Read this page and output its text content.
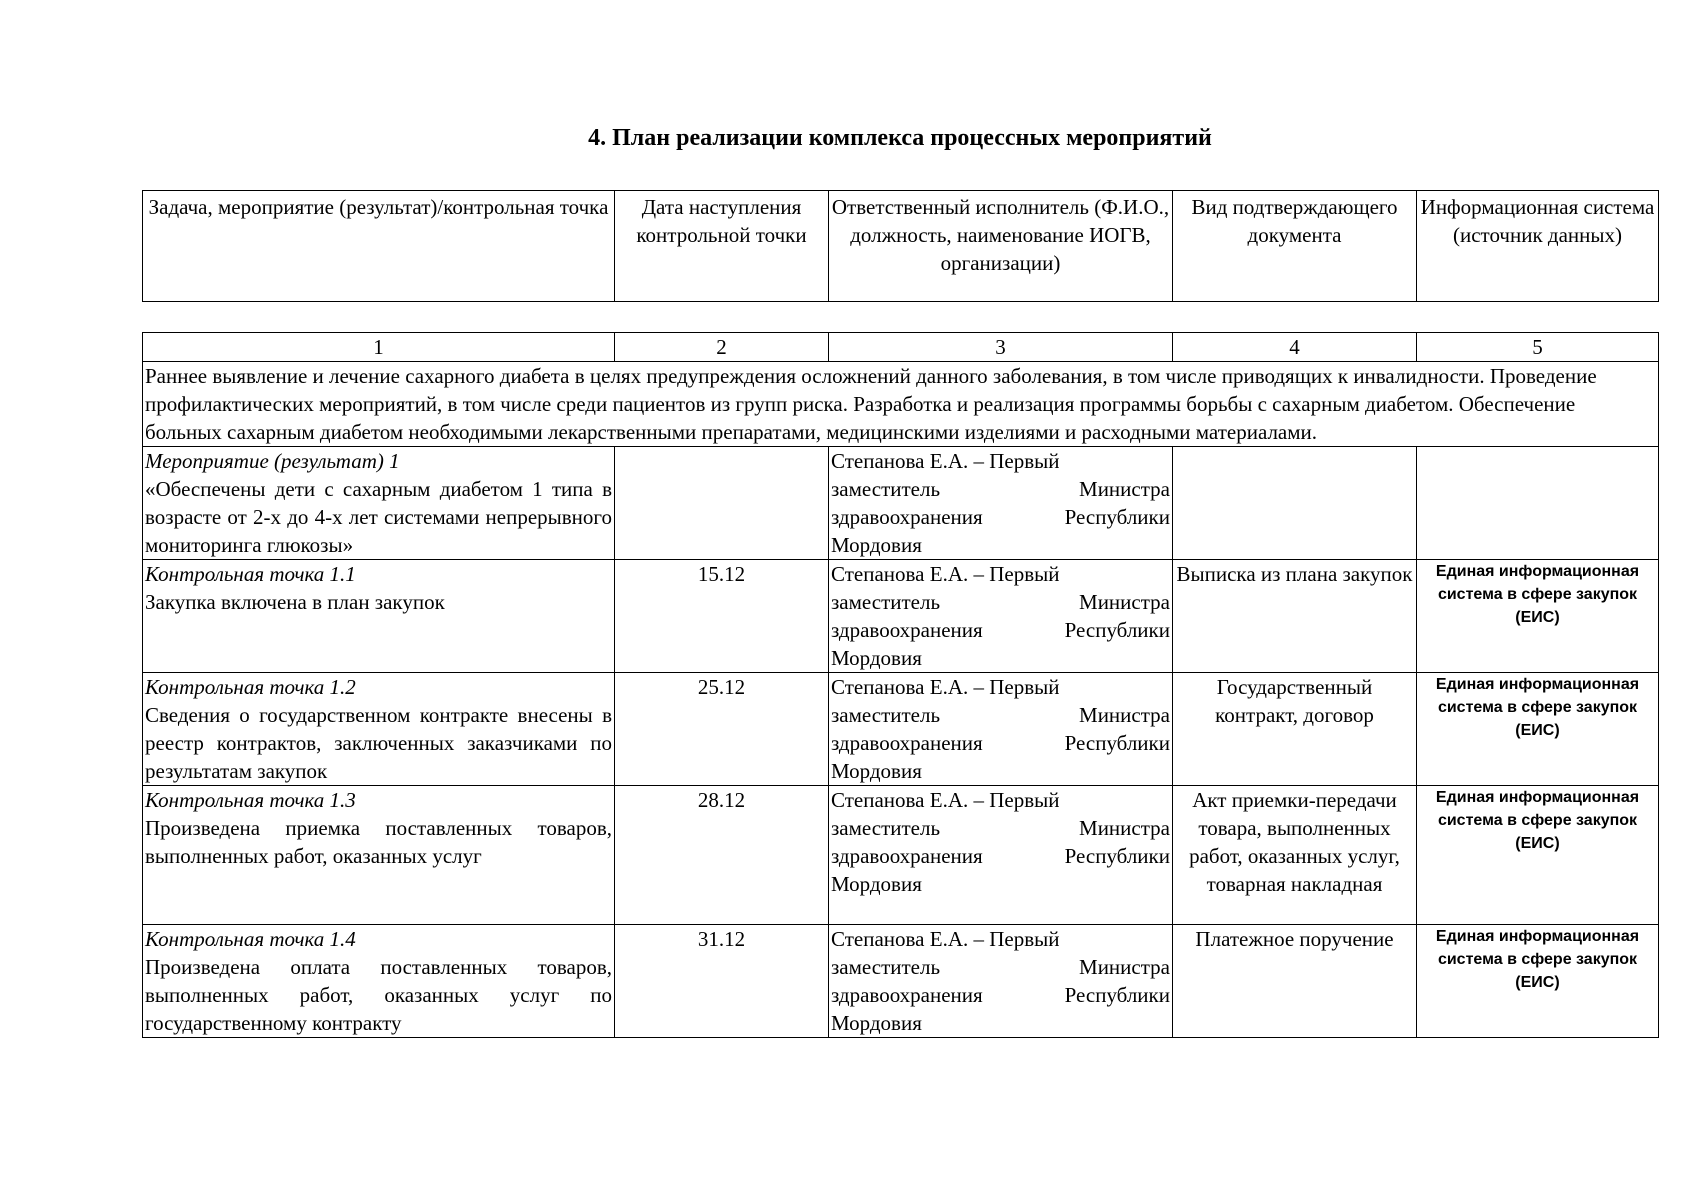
4. План реализации комплекса процессных мероприятий
Задача, мероприятие (результат)/контрольная точка	Дата наступления контрольной точки	Ответственный исполнитель (Ф.И.О., должность, наименование ИОГВ, организации)	Вид подтверждающего документа	Информационная система (источник данных)
1	2	3	4	5
Раннее выявление и лечение сахарного диабета в целях предупреждения осложнений данного заболевания, в том числе приводящих к инвалидности. Проведение профилактических мероприятий, в том числе среди пациентов из групп риска. Разработка и реализация программы борьбы с сахарным диабетом. Обеспечение больных сахарным диабетом необходимыми лекарственными препаратами, медицинскими изделиями и расходными материалами.				
Мероприятие (результат) 1
«Обеспечены дети с сахарным диабетом 1 типа в возрасте от 2-х до 4-х лет системами непрерывного мониторинга глюкозы»		Степанова Е.А. – Первый
заместитель Министра здравоохранения Республики Мордовия		
Контрольная точка 1.1
Закупка включена в план закупок	15.12	Степанова Е.А. – Первый
заместитель Министра здравоохранения Республики Мордовия	Выписка из плана закупок	Единая информационная система в сфере закупок (ЕИС)
Контрольная точка 1.2
Сведения о государственном контракте внесены в реестр контрактов, заключенных заказчиками по результатам закупок	25.12	Степанова Е.А. – Первый
заместитель Министра здравоохранения Республики Мордовия	Государственный контракт, договор	Единая информационная система в сфере закупок (ЕИС)
Контрольная точка 1.3
Произведена приемка поставленных товаров, выполненных работ, оказанных услуг	28.12	Степанова Е.А. – Первый
заместитель Министра здравоохранения Республики Мордовия	Акт приемки-передачи товара, выполненных работ, оказанных услуг, товарная накладная	Единая информационная система в сфере закупок (ЕИС)
Контрольная точка 1.4
Произведена оплата поставленных товаров, выполненных работ, оказанных услуг по государственному контракту	31.12	Степанова Е.А. – Первый
заместитель Министра здравоохранения Республики Мордовия	Платежное поручение	Единая информационная система в сфере закупок (ЕИС)
